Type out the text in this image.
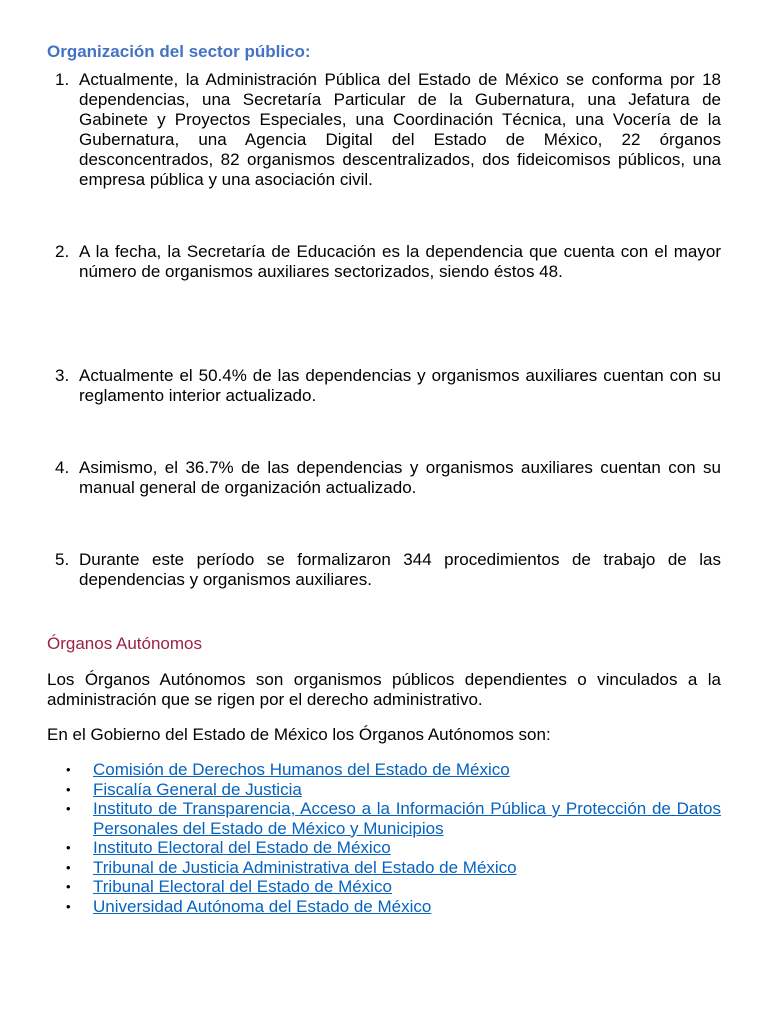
Organización del sector público:
1. Actualmente, la Administración Pública del Estado de México se conforma por 18 dependencias, una Secretaría Particular de la Gubernatura, una Jefatura de Gabinete y Proyectos Especiales, una Coordinación Técnica, una Vocería de la Gubernatura, una Agencia Digital del Estado de México, 22 órganos desconcentrados, 82 organismos descentralizados, dos fideicomisos públicos, una empresa pública y una asociación civil.
2. A la fecha, la Secretaría de Educación es la dependencia que cuenta con el mayor número de organismos auxiliares sectorizados, siendo éstos 48.
3. Actualmente el 50.4% de las dependencias y organismos auxiliares cuentan con su reglamento interior actualizado.
4. Asimismo, el 36.7% de las dependencias y organismos auxiliares cuentan con su manual general de organización actualizado.
5. Durante este período se formalizaron 344 procedimientos de trabajo de las dependencias y organismos auxiliares.
Órganos Autónomos

Los Órganos Autónomos son organismos públicos dependientes o vinculados a la administración que se rigen por el derecho administrativo.

En el Gobierno del Estado de México los Órganos Autónomos son:

• Comisión de Derechos Humanos del Estado de México
• Fiscalía General de Justicia
• Instituto de Transparencia, Acceso a la Información Pública y Protección de Datos Personales del Estado de México y Municipios
• Instituto Electoral del Estado de México
• Tribunal de Justicia Administrativa del Estado de México
• Tribunal Electoral del Estado de México
• Universidad Autónoma del Estado de México
